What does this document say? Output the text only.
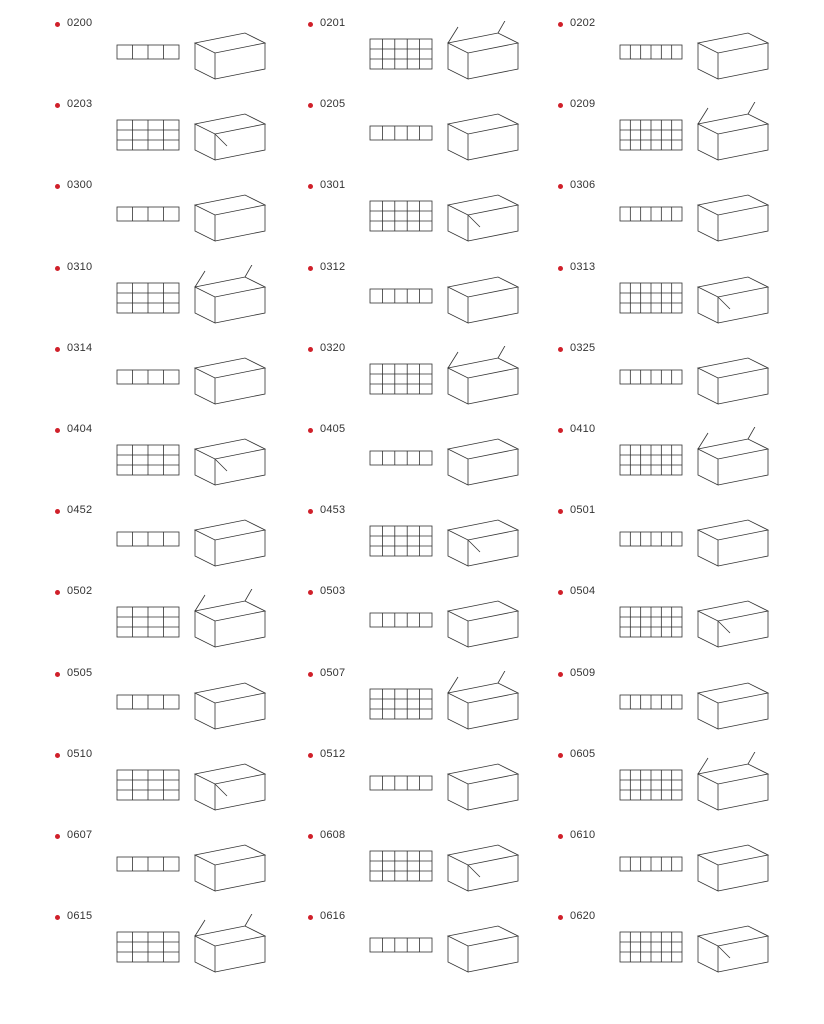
0200	0201	0202
0203	0205	0209
0300	0301	0306
0310	0312	0313
0314	0320	0325
0404	0405	0410
0452	0453	0501
0502	0503	0504
0505	0507	0509
0510	0512	0605
0607	0608	0610
0615	0616	0620
